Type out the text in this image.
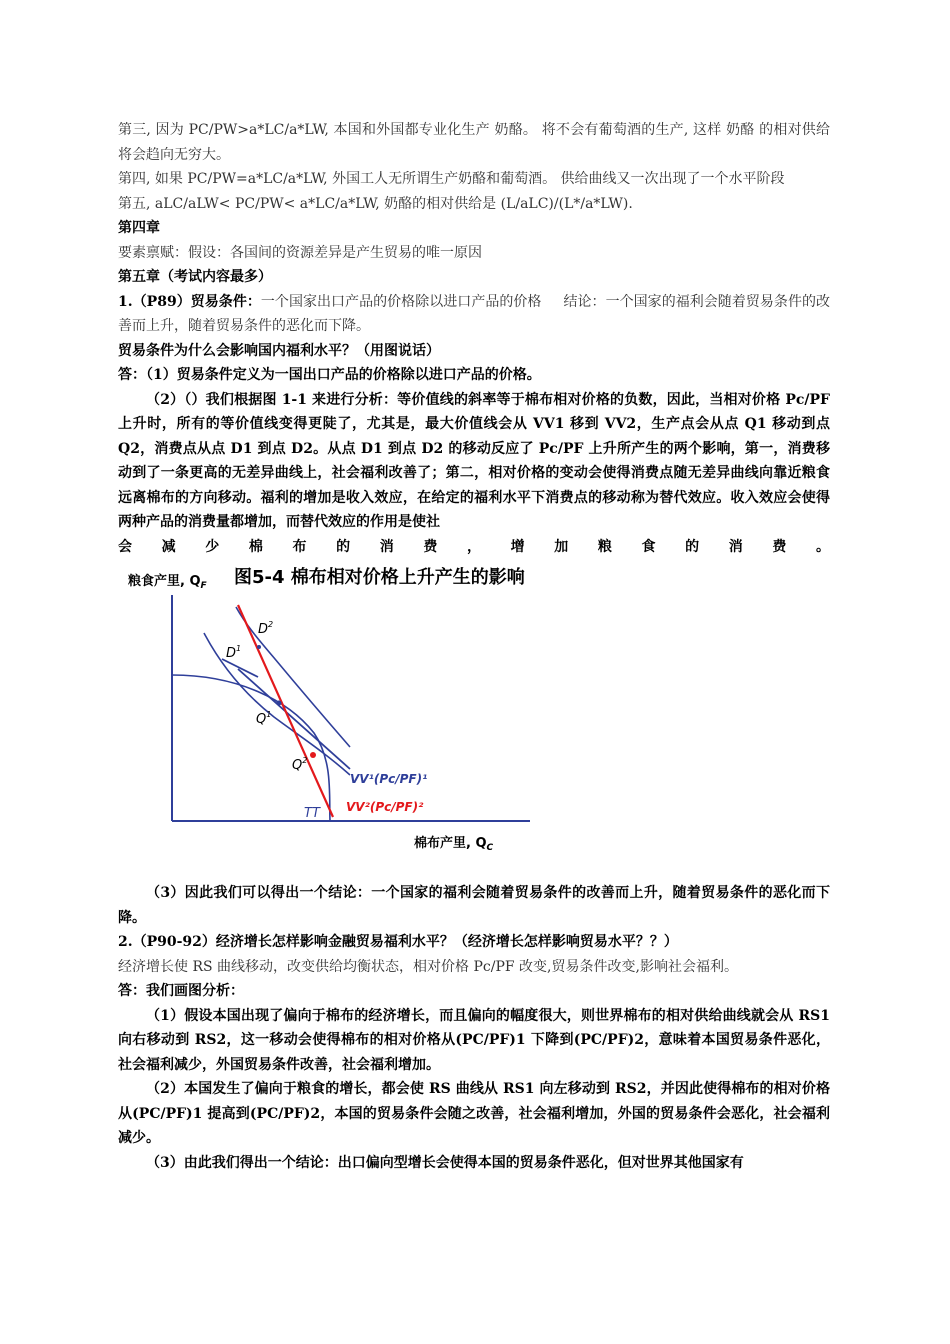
第三, 因为 PC/PW>a*LC/a*LW, 本国和外国都专业化生产 奶酪。 将不会有葡萄酒的生产, 这样 奶酪 的相对供给将会趋向无穷大。

第四, 如果 PC/PW=a*LC/a*LW, 外国工人无所谓生产奶酪和葡萄酒。 供给曲线又一次出现了一个水平阶段

第五, aLC/aLW< PC/PW< a*LC/a*LW, 奶酪的相对供给是 (L/aLC)/(L*/a*LW).

第四章

要素禀赋：假设：各国间的资源差异是产生贸易的唯一原因

第五章（考试内容最多）

1.（P89）贸易条件：一个国家出口产品的价格除以进口产品的价格 结论：一个国家的福利会随着贸易条件的改善而上升，随着贸易条件的恶化而下降。

贸易条件为什么会影响国内福利水平？（用图说话）

答：（1）贸易条件定义为一国出口产品的价格除以进口产品的价格。

（2）（）我们根据图 1-1 来进行分析：等价值线的斜率等于棉布相对价格的负数，因此，当相对价格 Pc/PF 上升时，所有的等价值线变得更陡了，尤其是，最大价值线会从 VV1 移到 VV2，生产点会从点 Q1 移动到点 Q2，消费点从点 D1 到点 D2。从点 D1 到点 D2 的移动反应了 Pc/PF 上升所产生的两个影响，第一，消费移动到了一条更高的无差异曲线上，社会福利改善了；第二，相对价格的变动会使得消费点随无差异曲线向靠近粮食远离棉布的方向移动。福利的增加是收入效应，在给定的福利水平下消费点的移动称为替代效应。收入效应会使得两种产品的消费量都增加，而替代效应的作用是使社

会减少棉布的消费，增加粮食的消费。

粮食产里, $Q_F$ 图5-4 棉布相对价格上升产生的影响
$D^2$
$D^1$
$Q^1$
$Q^2$
TT
VV¹(Pc/PF)¹
VV²(Pc/PF)²
棉布产里, $Q_C$

（3）因此我们可以得出一个结论：一个国家的福利会随着贸易条件的改善而上升，随着贸易条件的恶化而下降。

2.（P90-92）经济增长怎样影响金融贸易福利水平？（经济增长怎样影响贸易水平？？）

经济增长使 RS 曲线移动，改变供给均衡状态，相对价格 Pc/PF 改变,贸易条件改变,影响社会福利。

答：我们画图分析：

（1）假设本国出现了偏向于棉布的经济增长，而且偏向的幅度很大，则世界棉布的相对供给曲线就会从 RS1 向右移动到 RS2，这一移动会使得棉布的相对价格从(PC/PF)1 下降到(PC/PF)2，意味着本国贸易条件恶化，社会福利减少，外国贸易条件改善，社会福利增加。

（2）本国发生了偏向于粮食的增长，都会使 RS 曲线从 RS1 向左移动到 RS2，并因此使得棉布的相对价格从(PC/PF)1 提高到(PC/PF)2，本国的贸易条件会随之改善，社会福利增加，外国的贸易条件会恶化，社会福利减少。

（3）由此我们得出一个结论：出口偏向型增长会使得本国的贸易条件恶化，但对世界其他国家有
